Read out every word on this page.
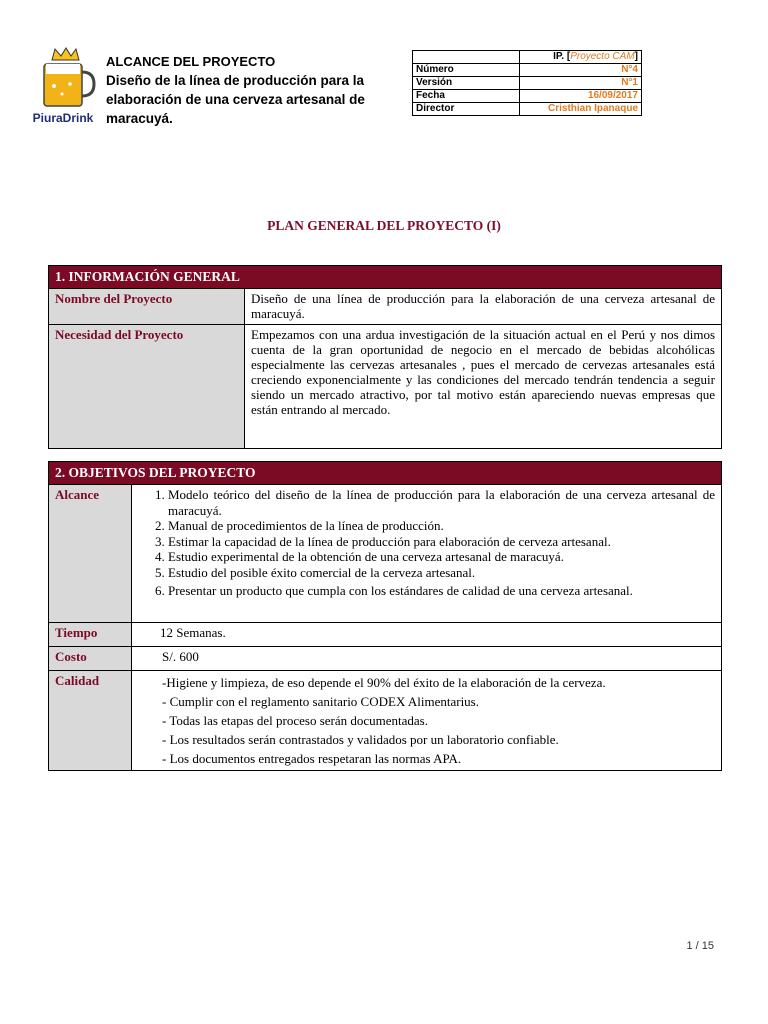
PiuraDrink
ALCANCE DEL PROYECTO
Diseño de la línea de producción para la elaboración de una cerveza artesanal de maracuyá.
	IP. [Proyecto CAM]
Número	N°4
Versión	N°1
Fecha	16/09/2017
Director	Cristhian Ipanaque
PLAN GENERAL DEL PROYECTO (I)
1. INFORMACIÓN GENERAL
Nombre del Proyecto	Diseño de una línea de producción para la elaboración de una cerveza artesanal de maracuyá.
Necesidad del Proyecto	Empezamos con una ardua investigación de la situación actual en el Perú y nos dimos cuenta de la gran oportunidad de negocio en el mercado de bebidas alcohólicas especialmente las cervezas artesanales , pues el mercado de cervezas artesanales está creciendo exponencialmente y las condiciones del mercado tendrán tendencia a seguir siendo un mercado atractivo, por tal motivo están apareciendo nuevas empresas que están entrando al mercado.
2. OBJETIVOS DEL PROYECTO
Alcance	1. Modelo teórico del diseño de la línea de producción para la elaboración de una cerveza artesanal de maracuyá.
2. Manual de procedimientos de la línea de producción.
3. Estimar la capacidad de la línea de producción para elaboración de cerveza artesanal.
4. Estudio experimental de la obtención de una cerveza artesanal de maracuyá.
5. Estudio del posible éxito comercial de la cerveza artesanal.
6. Presentar un producto que cumpla con los estándares de calidad de una cerveza artesanal.
Tiempo	12 Semanas.
Costo	S/. 600
Calidad	-Higiene y limpieza, de eso depende el 90% del éxito de la elaboración de la cerveza.
- Cumplir con el reglamento sanitario CODEX Alimentarius.
- Todas las etapas del proceso serán documentadas.
- Los resultados serán contrastados y validados por un laboratorio confiable.
- Los documentos entregados respetaran las normas APA.
1 / 15
